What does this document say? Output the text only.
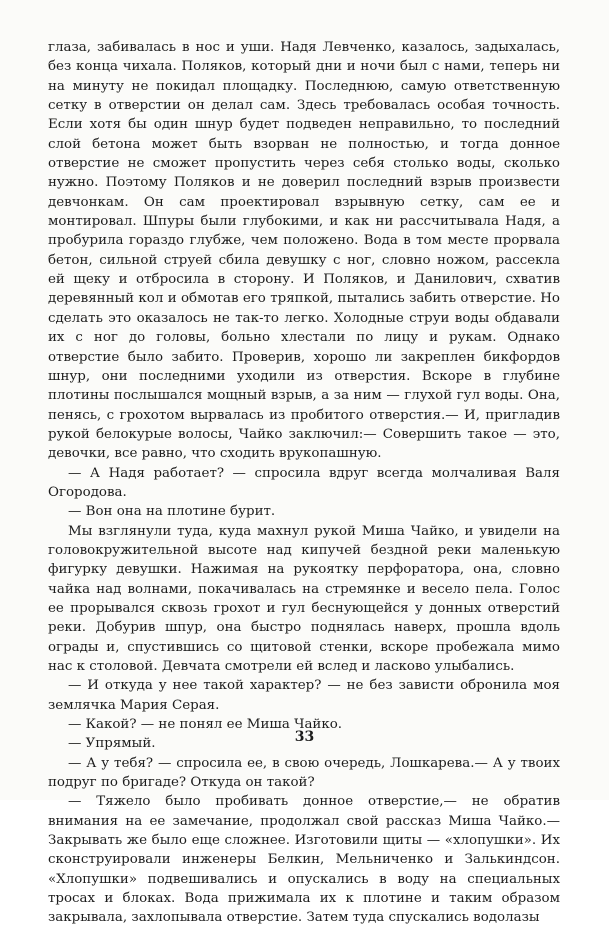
глаза, забивалась в нос и уши. Надя Левченко, казалось, задыхалась, без конца чихала. Поляков, который дни и ночи был с нами, теперь ни на минуту не покидал площадку. Последнюю, самую ответственную сетку в отверстии он делал сам. Здесь требовалась особая точность. Если хотя бы один шнур будет подведен неправильно, то последний слой бетона может быть взорван не полностью, и тогда донное отверстие не сможет пропустить через себя столько воды, сколько нужно. Поэтому Поляков и не доверил последний взрыв произвести девчонкам. Он сам проектировал взрывную сетку, сам ее и монтировал. Шпуры были глубокими, и как ни рассчитывала Надя, а пробурила гораздо глубже, чем положено. Вода в том месте прорвала бетон, сильной струей сбила девушку с ног, словно ножом, рассекла ей щеку и отбросила в сторону. И Поляков, и Данилович, схватив деревянный кол и обмотав его тряпкой, пытались забить отверстие. Но сделать это оказалось не так-то легко. Холодные струи воды обдавали их с ног до головы, больно хлестали по лицу и рукам. Однако отверстие было забито. Проверив, хорошо ли закреплен бикфордов шнур, они последними уходили из отверстия. Вскоре в глубине плотины послышался мощный взрыв, а за ним — глухой гул воды. Она, пенясь, с грохотом вырвалась из пробитого отверстия.— И, пригладив рукой белокурые волосы, Чайко заключил:— Совершить такое — это, девочки, все равно, что сходить врукопашную.

— А Надя работает? — спросила вдруг всегда молчаливая Валя Огородова.

— Вон она на плотине бурит.

Мы взглянули туда, куда махнул рукой Миша Чайко, и увидели на головокружительной высоте над кипучей бездной реки маленькую фигурку девушки. Нажимая на рукоятку перфоратора, она, словно чайка над волнами, покачивалась на стремянке и весело пела. Голос ее прорывался сквозь грохот и гул беснующейся у донных отверстий реки. Добурив шпур, она быстро поднялась наверх, прошла вдоль ограды и, спустившись со щитовой стенки, вскоре пробежала мимо нас к столовой. Девчата смотрели ей вслед и ласково улыбались.

— И откуда у нее такой характер? — не без зависти обронила моя землячка Мария Серая.

— Какой? — не понял ее Миша Чайко.

— Упрямый.

— А у тебя? — спросила ее, в свою очередь, Лошкарева.— А у твоих подруг по бригаде? Откуда он такой?

— Тяжело было пробивать донное отверстие,— не обратив внимания на ее замечание, продолжал свой рассказ Миша Чайко.— Закрывать же было еще сложнее. Изготовили щиты — «хлопушки». Их сконструировали инженеры Белкин, Мельниченко и Залькиндсон. «Хлопушки» подвешивались и опускались в воду на специальных тросах и блоках. Вода прижимала их к плотине и таким образом закрывала, захлопывала отверстие. Затем туда спускались водолазы

33
